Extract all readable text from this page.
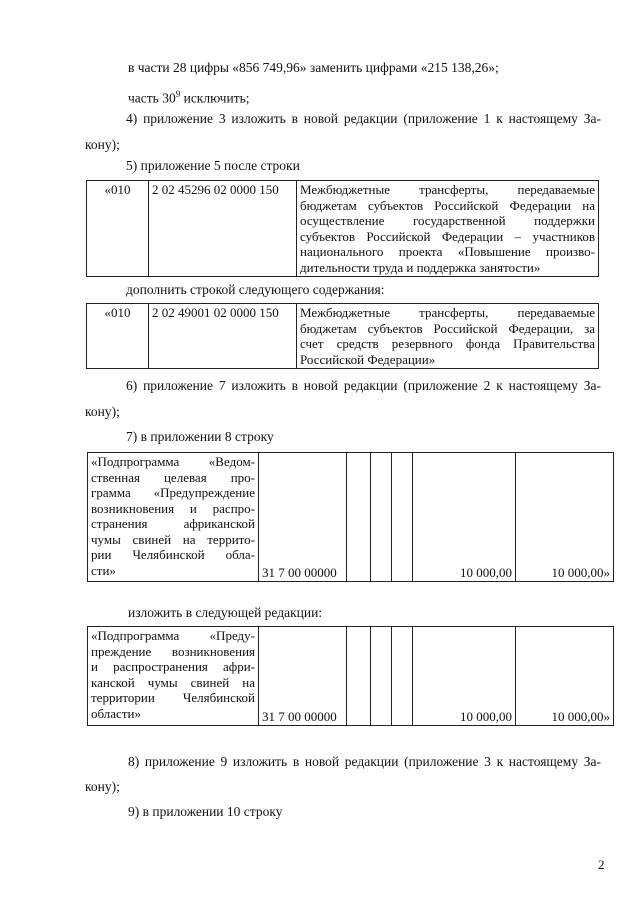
в части 28 цифры «856 749,96» заменить цифрами «215 138,26»;
часть $30^9$ исключить;
4) приложение 3 изложить в новой редакции (приложение 1 к настоящему За-
кону);
5) приложение 5 после строки
«010	2 02 45296 02 0000 150	Межбюджетные трансферты, передаваемые
бюджетам субъектов Российской Федерации на
осуществление государственной поддержки
субъектов Российской Федерации – участников
национального проекта «Повышение произво-
дительности труда и поддержка занятости»
дополнить строкой следующего содержания:
«010	2 02 49001 02 0000 150	Межбюджетные трансферты, передаваемые
бюджетам субъектов Российской Федерации, за
счет средств резервного фонда Правительства
Российской Федерации»
6) приложение 7 изложить в новой редакции (приложение 2 к настоящему За-
кону);
7) в приложении 8 строку
«Подпрограмма «Ведом-
ственная целевая про-
грамма «Предупреждение
возникновения и распро-
странения африканской
чумы свиней на террито-
рии Челябинской обла-
сти»	31 7 00 00000				10 000,00	10 000,00»
изложить в следующей редакции:
«Подпрограмма «Преду-
преждение возникновения
и распространения афри-
канской чумы свиней на
территории Челябинской
области»	31 7 00 00000				10 000,00	10 000,00»
8) приложение 9 изложить в новой редакции (приложение 3 к настоящему За-
кону);
9) в приложении 10 строку
2
